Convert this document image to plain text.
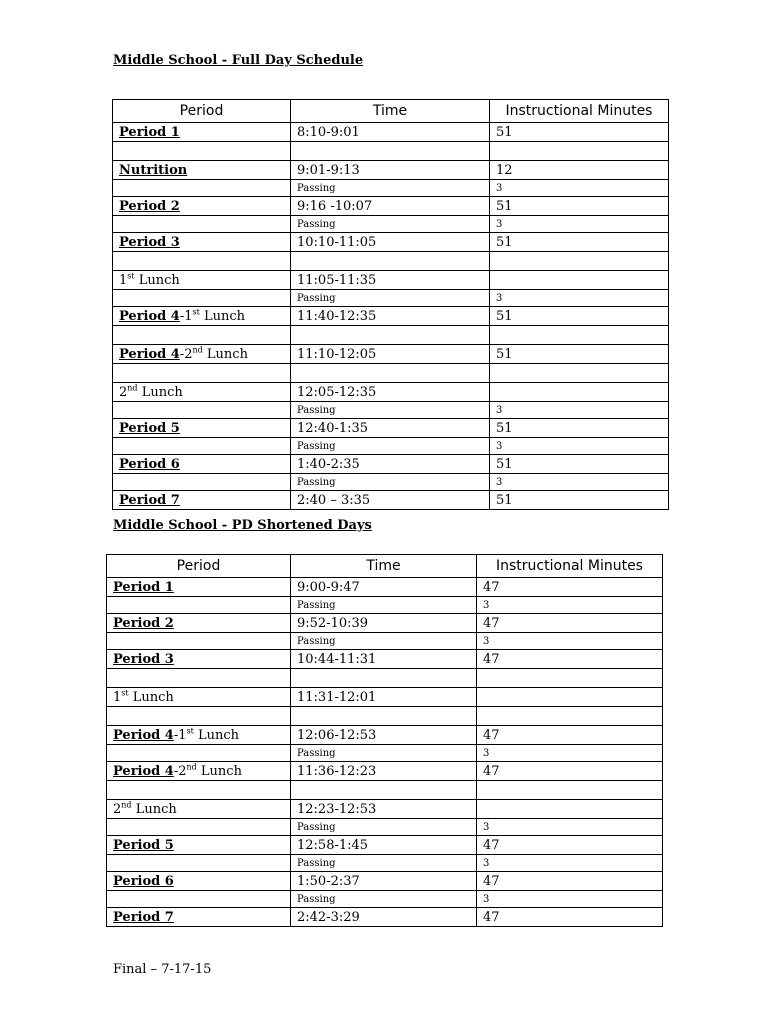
Middle School - Full Day Schedule
Period	Time	Instructional Minutes
Period 1	8:10-9:01	51

Nutrition	9:01-9:13	12
	Passing	3
Period 2	9:16 -10:07	51
	Passing	3
Period 3	10:10-11:05	51

1st Lunch	11:05-11:35	
	Passing	3
Period 4-1st Lunch	11:40-12:35	51

Period 4-2nd Lunch	11:10-12:05	51

2nd Lunch	12:05-12:35	
	Passing	3
Period 5	12:40-1:35	51
	Passing	3
Period 6	1:40-2:35	51
	Passing	3
Period 7	2:40 – 3:35	51
Middle School - PD Shortened Days
Period	Time	Instructional Minutes
Period 1	9:00-9:47	47
	Passing	3
Period 2	9:52-10:39	47
	Passing	3
Period 3	10:44-11:31	47

1st Lunch	11:31-12:01	

Period 4-1st Lunch	12:06-12:53	47
	Passing	3
Period 4-2nd Lunch	11:36-12:23	47

2nd Lunch	12:23-12:53	
	Passing	3
Period 5	12:58-1:45	47
	Passing	3
Period 6	1:50-2:37	47
	Passing	3
Period 7	2:42-3:29	47
Final – 7-17-15
